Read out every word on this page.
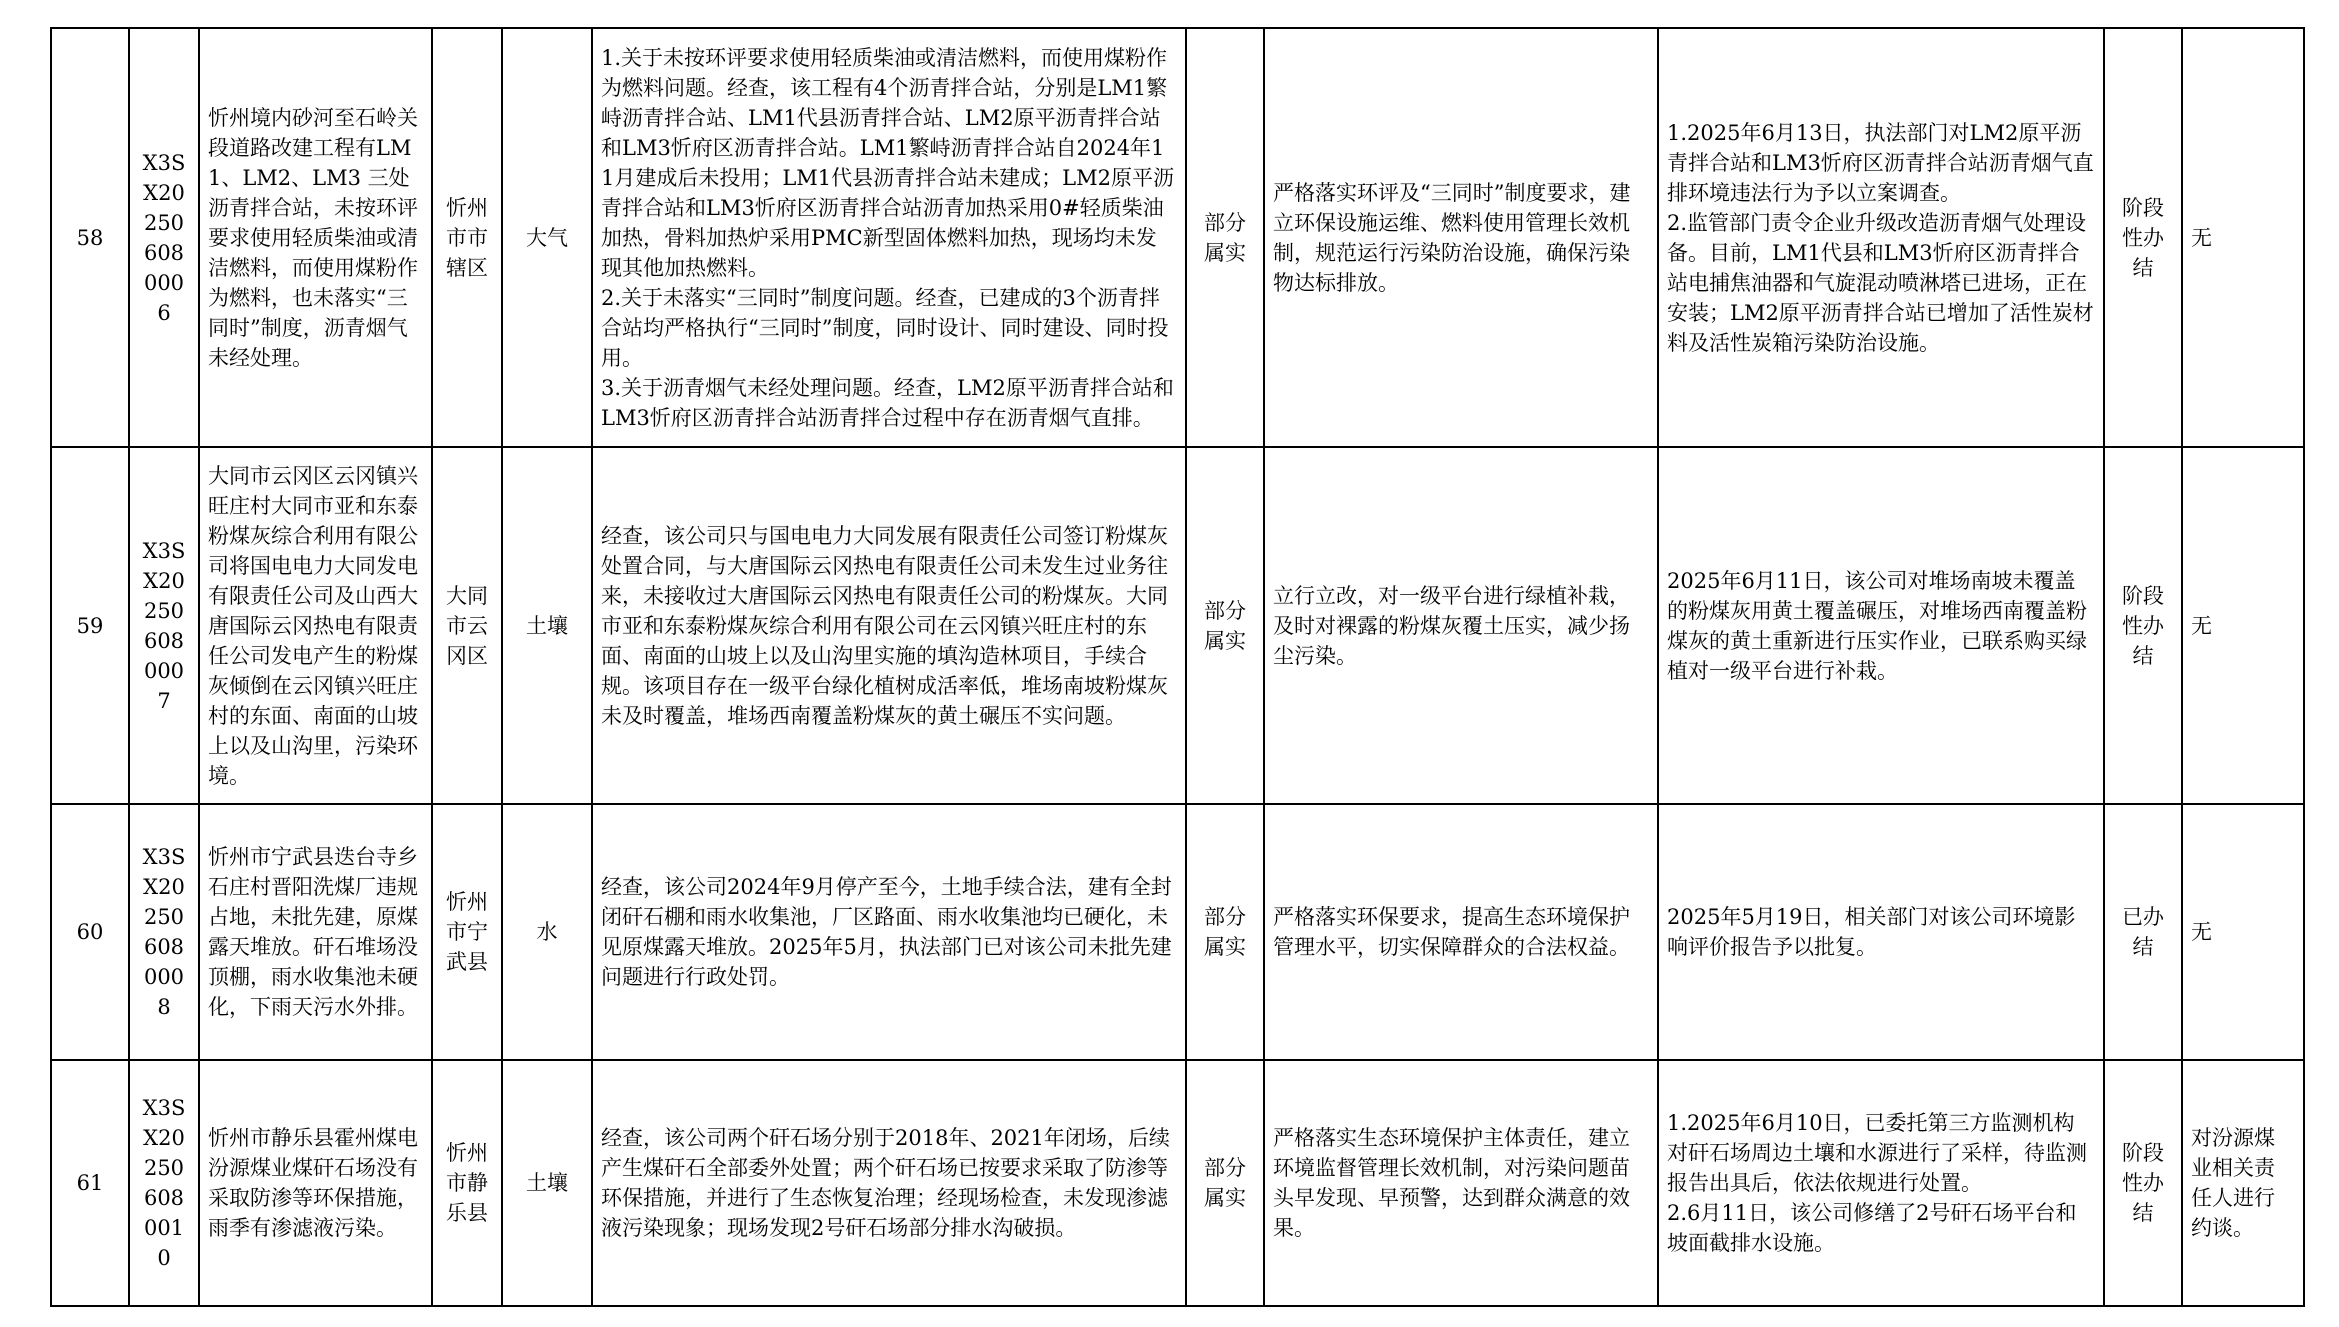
58	X3SX20250608 0006	忻州境内砂河至石岭关段道路改建工程有LM1、LM2、LM3 三处沥青拌合站，未按环评要求使用轻质柴油或清洁燃料，而使用煤粉作为燃料，也未落实“三同时”制度，沥青烟气未经处理。	忻州市市辖区	大气	1.关于未按环评要求使用轻质柴油或清洁燃料，而使用煤粉作为燃料问题。经查，该工程有4个沥青拌合站，分别是LM1繁峙沥青拌合站、LM1代县沥青拌合站、LM2原平沥青拌合站和LM3忻府区沥青拌合站。LM1繁峙沥青拌合站自2024年11月建成后未投用；LM1代县沥青拌合站未建成；LM2原平沥青拌合站和LM3忻府区沥青拌合站沥青加热采用0#轻质柴油加热，骨料加热炉采用PMC新型固体燃料加热，现场均未发现其他加热燃料。
2.关于未落实“三同时”制度问题。经查，已建成的3个沥青拌合站均严格执行“三同时”制度，同时设计、同时建设、同时投用。
3.关于沥青烟气未经处理问题。经查，LM2原平沥青拌合站和LM3忻府区沥青拌合站沥青拌合过程中存在沥青烟气直排。	部分属实	严格落实环评及“三同时”制度要求，建立环保设施运维、燃料使用管理长效机制，规范运行污染防治设施，确保污染物达标排放。	1.2025年6月13日，执法部门对LM2原平沥青拌合站和LM3忻府区沥青拌合站沥青烟气直排环境违法行为予以立案调查。
2.监管部门责令企业升级改造沥青烟气处理设备。目前，LM1代县和LM3忻府区沥青拌合站电捕焦油器和气旋混动喷淋塔已进场，正在安装；LM2原平沥青拌合站已增加了活性炭材料及活性炭箱污染防治设施。	阶段性办结	无
59	X3SX20250608 0007	大同市云冈区云冈镇兴旺庄村大同市亚和东泰粉煤灰综合利用有限公司将国电电力大同发电有限责任公司及山西大唐国际云冈热电有限责任公司发电产生的粉煤灰倾倒在云冈镇兴旺庄村的东面、南面的山坡上以及山沟里，污染环境。	大同市云冈区	土壤	经查，该公司只与国电电力大同发展有限责任公司签订粉煤灰处置合同，与大唐国际云冈热电有限责任公司未发生过业务往来，未接收过大唐国际云冈热电有限责任公司的粉煤灰。大同市亚和东泰粉煤灰综合利用有限公司在云冈镇兴旺庄村的东面、南面的山坡上以及山沟里实施的填沟造林项目，手续合规。该项目存在一级平台绿化植树成活率低，堆场南坡粉煤灰未及时覆盖，堆场西南覆盖粉煤灰的黄土碾压不实问题。	部分属实	立行立改，对一级平台进行绿植补栽，及时对裸露的粉煤灰覆土压实，减少扬尘污染。	2025年6月11日，该公司对堆场南坡未覆盖的粉煤灰用黄土覆盖碾压，对堆场西南覆盖粉煤灰的黄土重新进行压实作业，已联系购买绿植对一级平台进行补栽。	阶段性办结	无
60	X3SX20250608 0008	忻州市宁武县迭台寺乡石庄村晋阳洗煤厂违规占地，未批先建，原煤露天堆放。矸石堆场没顶棚，雨水收集池未硬化，下雨天污水外排。	忻州市宁武县	水	经查，该公司2024年9月停产至今，土地手续合法，建有全封闭矸石棚和雨水收集池，厂区路面、雨水收集池均已硬化，未见原煤露天堆放。2025年5月，执法部门已对该公司未批先建问题进行行政处罚。	部分属实	严格落实环保要求，提高生态环境保护管理水平，切实保障群众的合法权益。	2025年5月19日，相关部门对该公司环境影响评价报告予以批复。	已办结	无
61	X3SX20250608 0010	忻州市静乐县霍州煤电汾源煤业煤矸石场没有采取防渗等环保措施，雨季有渗滤液污染。	忻州市静乐县	土壤	经查，该公司两个矸石场分别于2018年、2021年闭场，后续产生煤矸石全部委外处置；两个矸石场已按要求采取了防渗等环保措施，并进行了生态恢复治理；经现场检查，未发现渗滤液污染现象；现场发现2号矸石场部分排水沟破损。	部分属实	严格落实生态环境保护主体责任，建立环境监督管理长效机制，对污染问题苗头早发现、早预警，达到群众满意的效果。	1.2025年6月10日，已委托第三方监测机构对矸石场周边土壤和水源进行了采样，待监测报告出具后，依法依规进行处置。
2.6月11日，该公司修缮了2号矸石场平台和坡面截排水设施。	阶段性办结	对汾源煤业相关责任人进行约谈。
